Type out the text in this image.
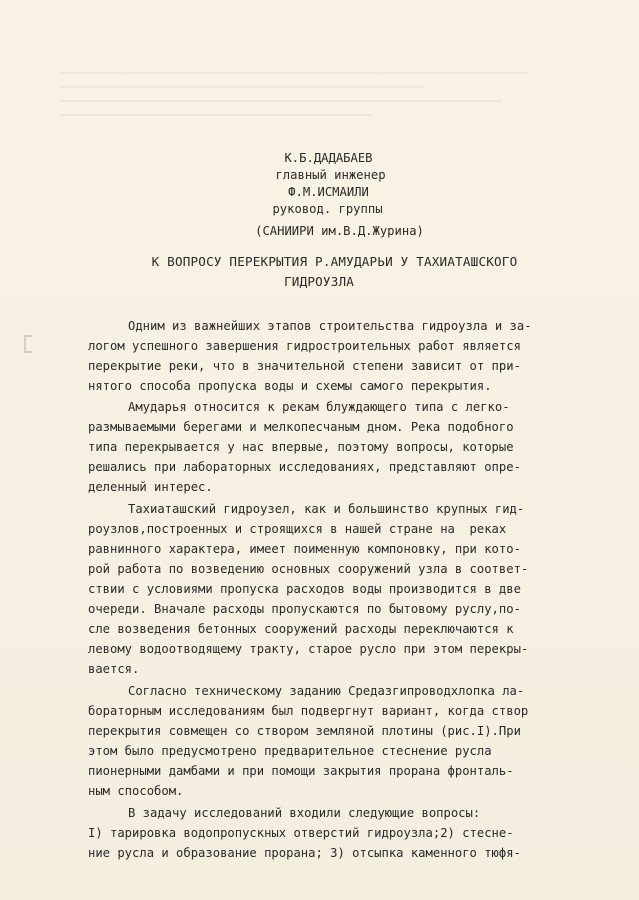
К.Б.ДАДАБАЕВ
главный инженер
Ф.М.ИСМАИЛИ
руковод. группы
(САНИИРИ им.В.Д.Журина)
К ВОПРОСУ ПЕРЕКРЫТИЯ Р.АМУДАРЬИ У ТАХИАТАШСКОГО
ГИДРОУЗЛА
Одним из важнейших этапов строительства гидроузла и за-
логом успешного завершения гидростроительных работ является
перекрытие реки, что в значительной степени зависит от при-
нятого способа пропуска воды и схемы самого перекрытия.
Амударья относится к рекам блуждающего типа с легко-
размываемыми берегами и мелкопесчаным дном. Река подобного
типа перекрывается у нас впервые, поэтому вопросы, которые
решались при лабораторных исследованиях, представляют опре-
деленный интерес.
Тахиаташский гидроузел, как и большинство крупных гид-
роузлов,построенных и строящихся в нашей стране на  реках
равнинного характера, имеет поименную компоновку, при кото-
рой работа по возведению основных сооружений узла в соответ-
ствии с условиями пропуска расходов воды производится в две
очереди. Вначале расходы пропускаются по бытовому руслу,по-
сле возведения бетонных сооружений расходы переключаются к
левому водоотводящему тракту, старое русло при этом перекры-
вается.
Согласно техническому заданию Средазгипроводхлопка ла-
бораторным исследованиям был подвергнут вариант, когда створ
перекрытия совмещен со створом земляной плотины (рис.I).При
этом было предусмотрено предварительное стеснение русла
пионерными дамбами и при помощи закрытия прорана фронталь-
ным способом.
В задачу исследований входили следующие вопросы:
I) тарировка водопропускных отверстий гидроузла;2) стесне-
ние русла и образование прорана; 3) отсыпка каменного тюфя-
